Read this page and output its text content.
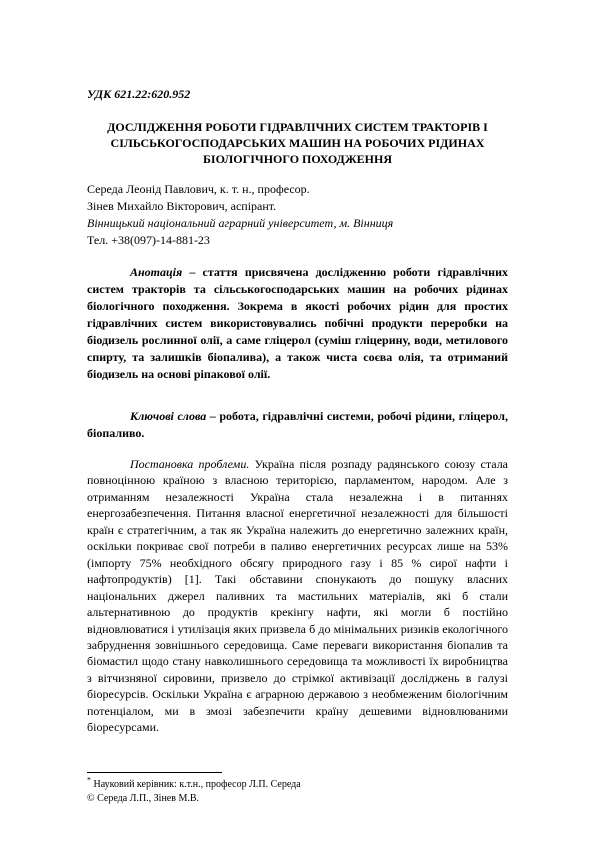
УДК 621.22:620.952
ДОСЛІДЖЕННЯ РОБОТИ ГІДРАВЛІЧНИХ СИСТЕМ ТРАКТОРІВ І СІЛЬСЬКОГОСПОДАРСЬКИХ МАШИН НА РОБОЧИХ РІДИНАХ БІОЛОГІЧНОГО ПОХОДЖЕННЯ
Середа Леонід Павлович, к. т. н., професор.
Зінев Михайло Вікторович, аспірант.
Вінницький національний аграрний університет, м. Вінниця
Тел. +38(097)-14-881-23
Анотація – стаття присвячена дослідженню роботи гідравлічних систем тракторів та сільськогосподарських машин на робочих рідинах біологічного походження. Зокрема в якості робочих рідин для простих гідравлічних систем використовувались побічні продукти переробки на біодизель рослинної олії, а саме гліцерол (суміш гліцерину, води, метилового спирту, та залишків біопалива), а також чиста соєва олія, та отриманий біодизель на основі ріпакової олії.
Ключові слова – робота, гідравлічні системи, робочі рідини, гліцерол, біопаливо.
Постановка проблеми. Україна після розпаду радянського союзу стала повноцінною країною з власною територією, парламентом, народом. Але з отриманням незалежності Україна стала незалежна і в питаннях енергозабезпечення. Питання власної енергетичної незалежності для більшості країн є стратегічним, а так як Україна належить до енергетично залежних країн, оскільки покриває свої потреби в паливо енергетичних ресурсах лише на 53% (імпорту 75% необхідного обсягу природного газу і 85 % сирої нафти і нафтопродуктів) [1]. Такі обставини спонукають до пошуку власних національних джерел паливних та мастильних матеріалів, які б стали альтернативною до продуктів крекінгу нафти, які могли б постійно відновлюватися і утилізація яких призвела б до мінімальних ризиків екологічного забруднення зовнішнього середовища. Саме переваги використання біопалив та біомастил щодо стану навколишнього середовища та можливості їх виробництва з вітчизняної сировини, призвело до стрімкої активізації досліджень в галузі біоресурсів. Оскільки Україна є аграрною державою з необмеженим біологічним потенціалом, ми в змозі забезпечити країну дешевими відновлюваними біоресурсами.
* Науковий керівник: к.т.н., професор Л.П. Середа
© Середа Л.П., Зінев М.В.
